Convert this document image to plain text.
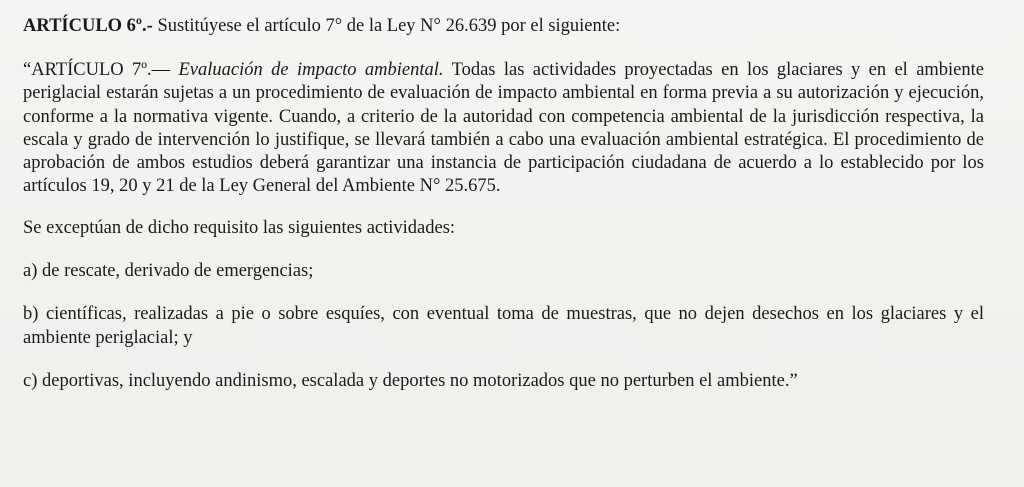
ARTÍCULO 6º.- Sustitúyese el artículo 7° de la Ley N° 26.639 por el siguiente:

“ARTÍCULO 7º.— Evaluación de impacto ambiental. Todas las actividades proyectadas en los glaciares y en el ambiente periglacial estarán sujetas a un procedimiento de evaluación de impacto ambiental en forma previa a su autorización y ejecución, conforme a la normativa vigente. Cuando, a criterio de la autoridad con competencia ambiental de la jurisdicción respectiva, la escala y grado de intervención lo justifique, se llevará también a cabo una evaluación ambiental estratégica. El procedimiento de aprobación de ambos estudios deberá garantizar una instancia de participación ciudadana de acuerdo a lo establecido por los artículos 19, 20 y 21 de la Ley General del Ambiente N° 25.675.

Se exceptúan de dicho requisito las siguientes actividades:

a) de rescate, derivado de emergencias;

b) científicas, realizadas a pie o sobre esquíes, con eventual toma de muestras, que no dejen desechos en los glaciares y el ambiente periglacial; y

c) deportivas, incluyendo andinismo, escalada y deportes no motorizados que no perturben el ambiente.”
